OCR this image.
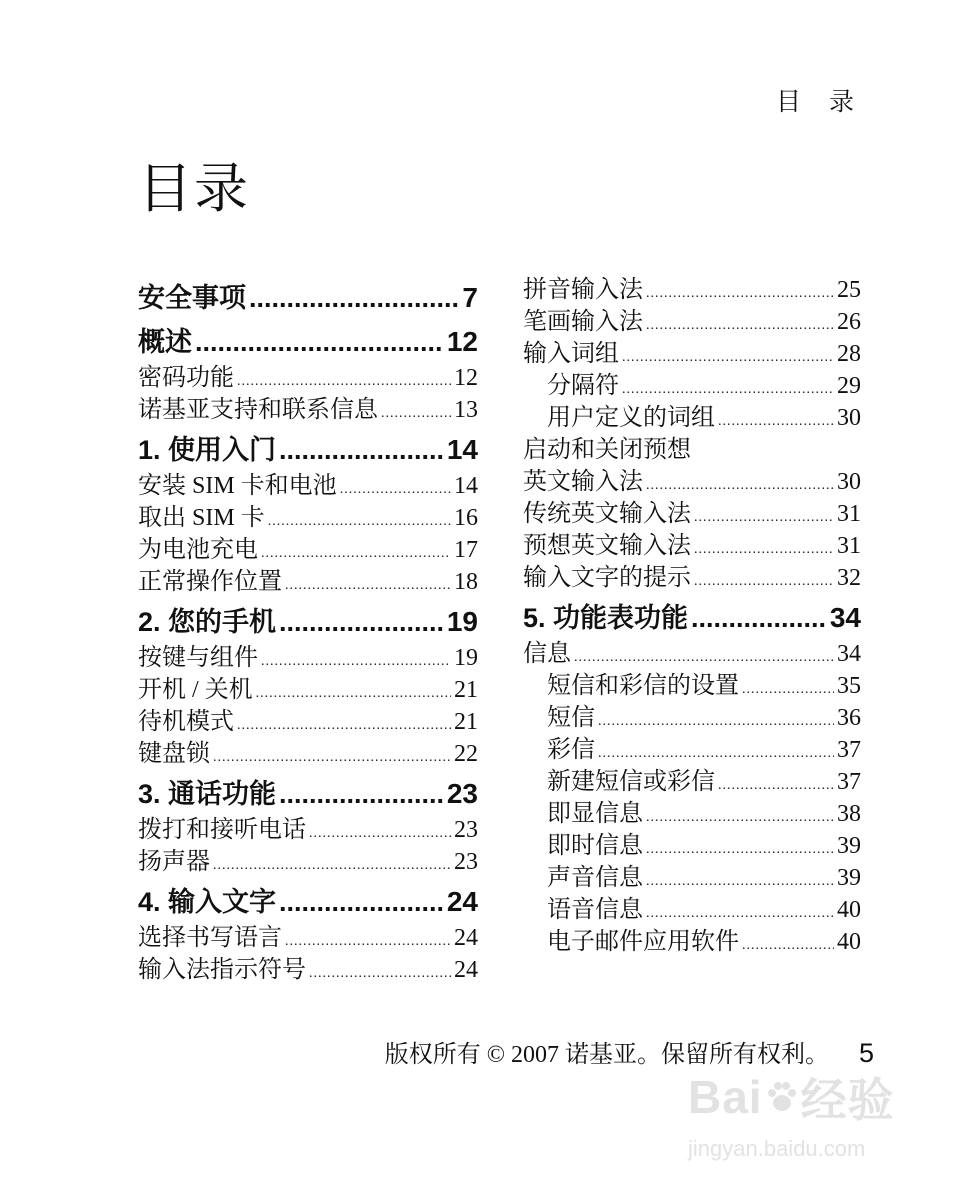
目 录
目录
安全事项 .....	7
概述 .....	12
密码功能 .....	12
诺基亚支持和联系信息 .....	13
1. 使用入门 .....	14
安装 SIM 卡和电池 .....	14
取出 SIM 卡 .....	16
为电池充电 .....	17
正常操作位置 .....	18
2. 您的手机 .....	19
按键与组件 .....	19
开机 / 关机 .....	21
待机模式 .....	21
键盘锁 .....	22
3. 通话功能 .....	23
拨打和接听电话 .....	23
扬声器 .....	23
4. 输入文字 .....	24
选择书写语言 .....	24
输入法指示符号 .....	24
拼音输入法 .....	25
笔画输入法 .....	26
输入词组 .....	28
分隔符 .....	29
用户定义的词组 .....	30
启动和关闭预想
英文输入法 .....	30
传统英文输入法 .....	31
预想英文输入法 .....	31
输入文字的提示 .....	32
5. 功能表功能 .....	34
信息 .....	34
短信和彩信的设置 .....	35
短信 .....	36
彩信 .....	37
新建短信或彩信 .....	37
即显信息 .....	38
即时信息 .....	39
声音信息 .....	39
语音信息 .....	40
电子邮件应用软件 .....	40
版权所有 © 2007 诺基亚。保留所有权利。 5
Bai 经验
jingyan.baidu.com
